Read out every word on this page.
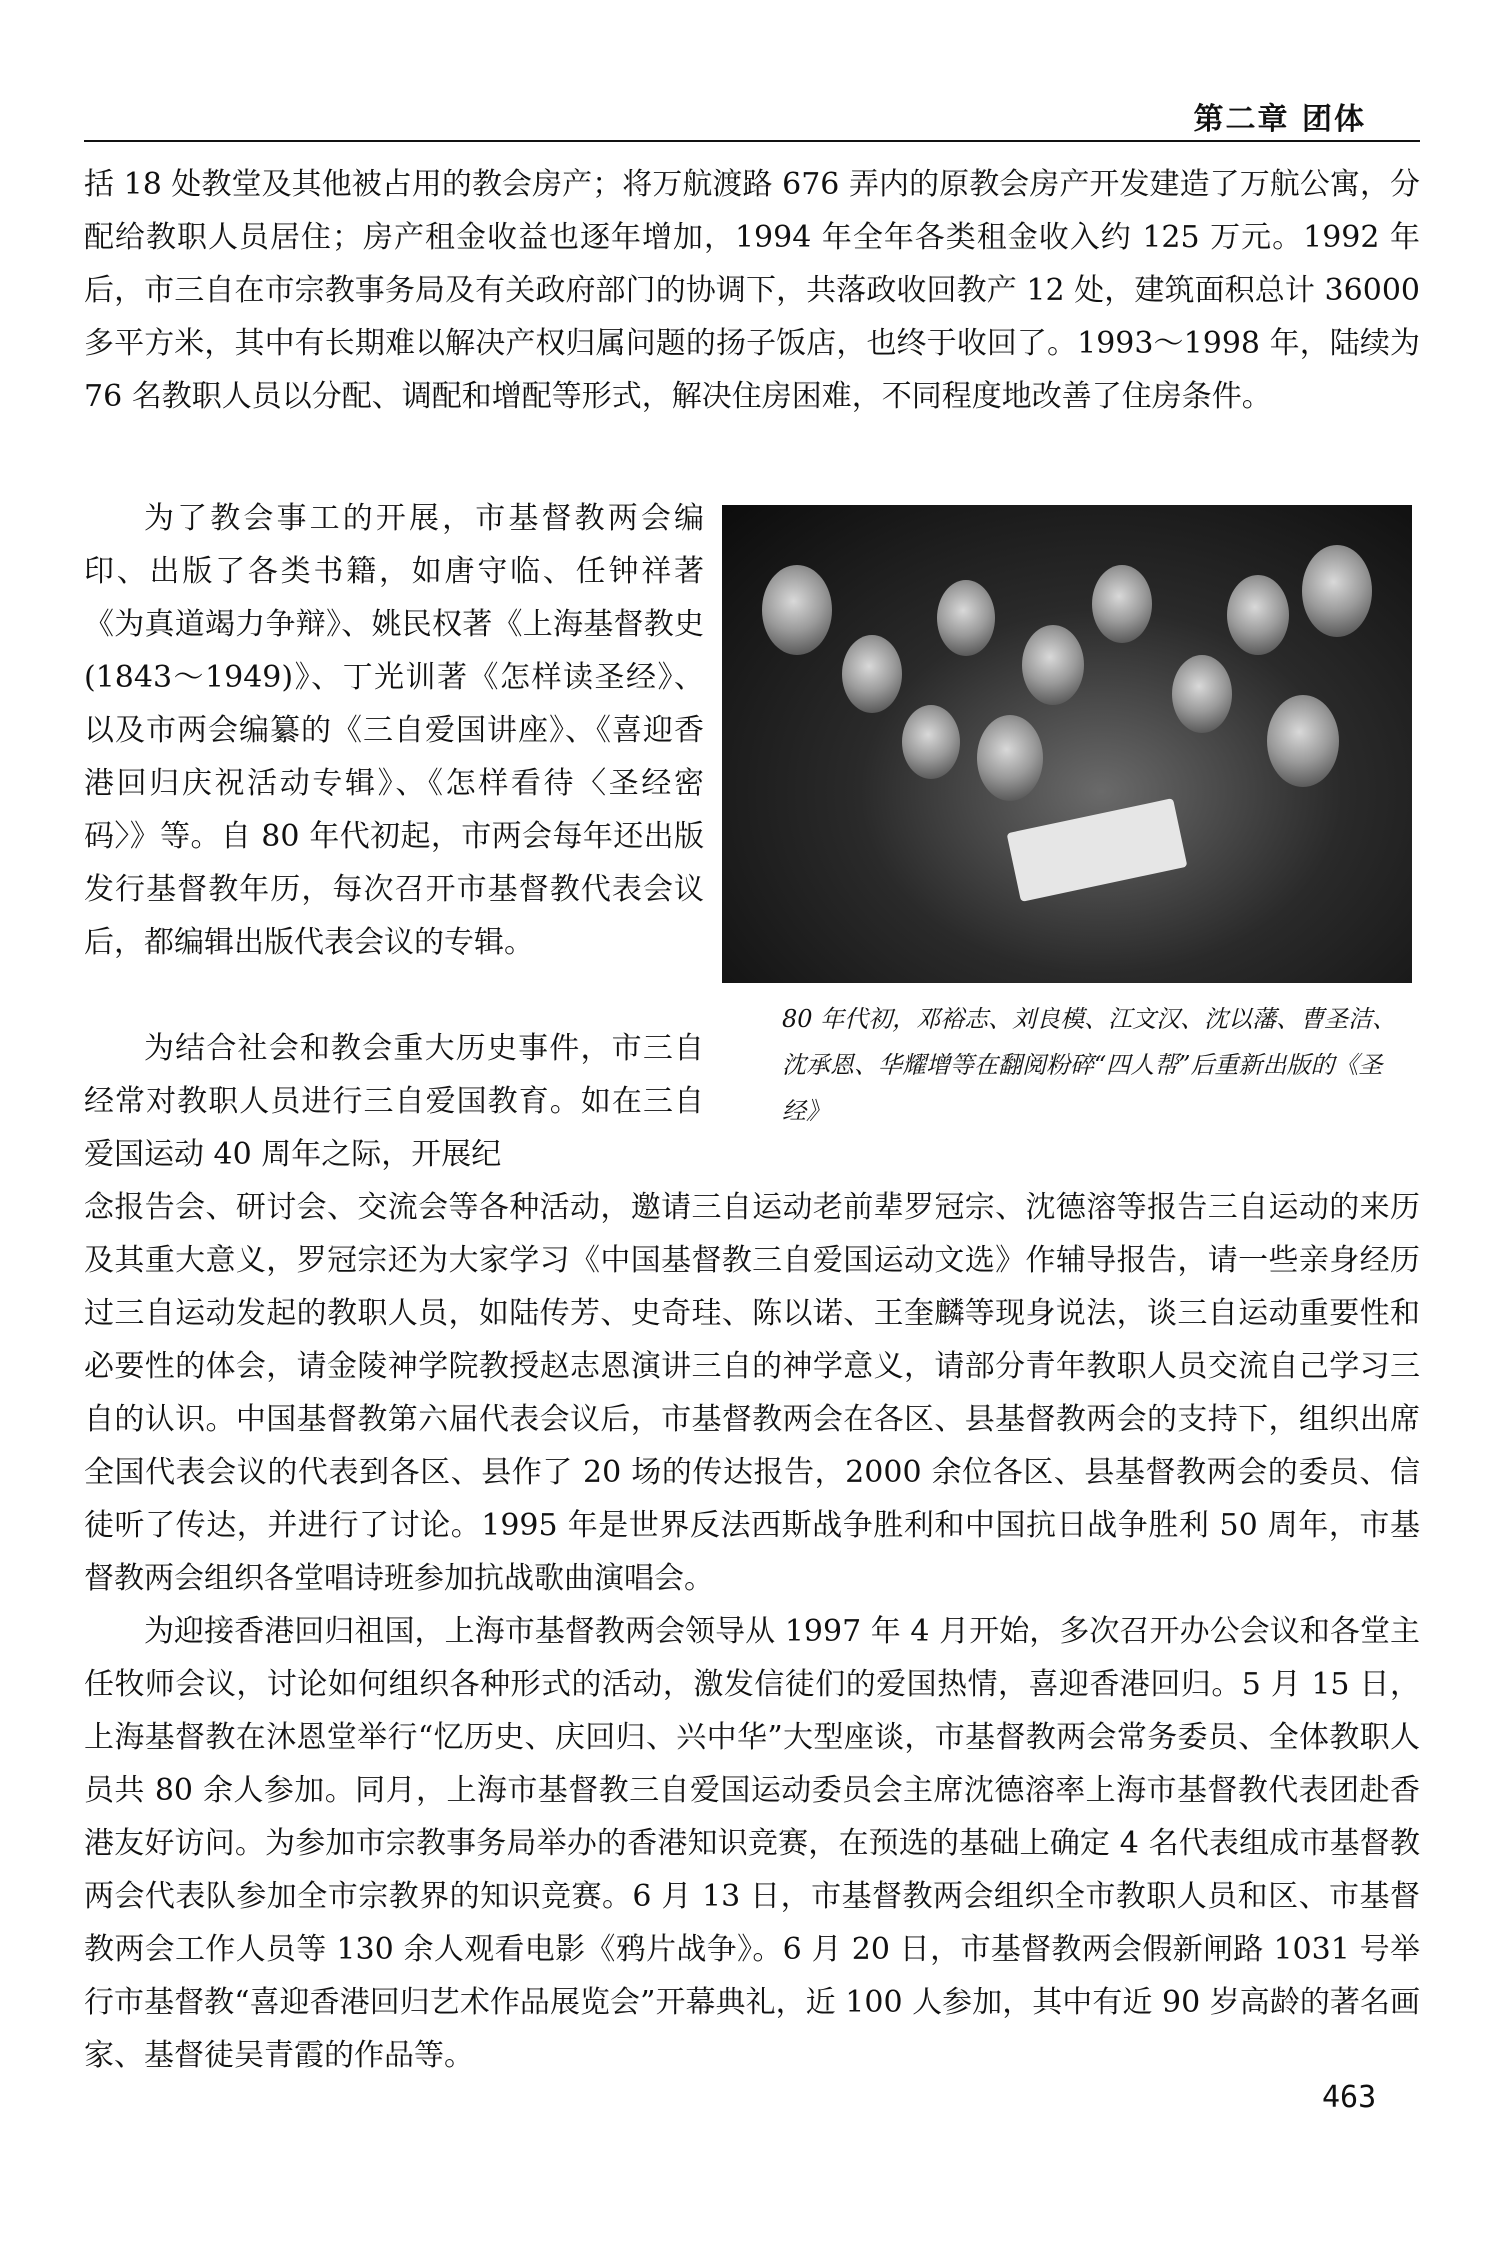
第二章 团体

括 18 处教堂及其他被占用的教会房产；将万航渡路 676 弄内的原教会房产开发建造了万航公寓，分配给教职人员居住；房产租金收益也逐年增加，1994 年全年各类租金收入约 125 万元。1992 年后，市三自在市宗教事务局及有关政府部门的协调下，共落政收回教产 12 处，建筑面积总计 36000 多平方米，其中有长期难以解决产权归属问题的扬子饭店，也终于收回了。1993～1998 年，陆续为 76 名教职人员以分配、调配和增配等形式，解决住房困难，不同程度地改善了住房条件。

为了教会事工的开展，市基督教两会编印、出版了各类书籍，如唐守临、任钟祥著《为真道竭力争辩》、姚民权著《上海基督教史(1843～1949)》、丁光训著《怎样读圣经》、以及市两会编纂的《三自爱国讲座》、《喜迎香港回归庆祝活动专辑》、《怎样看待〈圣经密码〉》等。自 80 年代初起，市两会每年还出版发行基督教年历，每次召开市基督教代表会议后，都编辑出版代表会议的专辑。

80 年代初，邓裕志、刘良模、江文汉、沈以藩、曹圣洁、沈承恩、华耀增等在翻阅粉碎“四人帮”后重新出版的《圣经》

为结合社会和教会重大历史事件，市三自经常对教职人员进行三自爱国教育。如在三自爱国运动 40 周年之际，开展纪

念报告会、研讨会、交流会等各种活动，邀请三自运动老前辈罗冠宗、沈德溶等报告三自运动的来历及其重大意义，罗冠宗还为大家学习《中国基督教三自爱国运动文选》作辅导报告，请一些亲身经历过三自运动发起的教职人员，如陆传芳、史奇珪、陈以诺、王奎麟等现身说法，谈三自运动重要性和必要性的体会，请金陵神学院教授赵志恩演讲三自的神学意义，请部分青年教职人员交流自己学习三自的认识。中国基督教第六届代表会议后，市基督教两会在各区、县基督教两会的支持下，组织出席全国代表会议的代表到各区、县作了 20 场的传达报告，2000 余位各区、县基督教两会的委员、信徒听了传达，并进行了讨论。1995 年是世界反法西斯战争胜利和中国抗日战争胜利 50 周年，市基督教两会组织各堂唱诗班参加抗战歌曲演唱会。

为迎接香港回归祖国，上海市基督教两会领导从 1997 年 4 月开始，多次召开办公会议和各堂主任牧师会议，讨论如何组织各种形式的活动，激发信徒们的爱国热情，喜迎香港回归。5 月 15 日，上海基督教在沐恩堂举行“忆历史、庆回归、兴中华”大型座谈，市基督教两会常务委员、全体教职人员共 80 余人参加。同月，上海市基督教三自爱国运动委员会主席沈德溶率上海市基督教代表团赴香港友好访问。为参加市宗教事务局举办的香港知识竞赛，在预选的基础上确定 4 名代表组成市基督教两会代表队参加全市宗教界的知识竞赛。6 月 13 日，市基督教两会组织全市教职人员和区、市基督教两会工作人员等 130 余人观看电影《鸦片战争》。6 月 20 日，市基督教两会假新闸路 1031 号举行市基督教“喜迎香港回归艺术作品展览会”开幕典礼，近 100 人参加，其中有近 90 岁高龄的著名画家、基督徒吴青霞的作品等。

463
